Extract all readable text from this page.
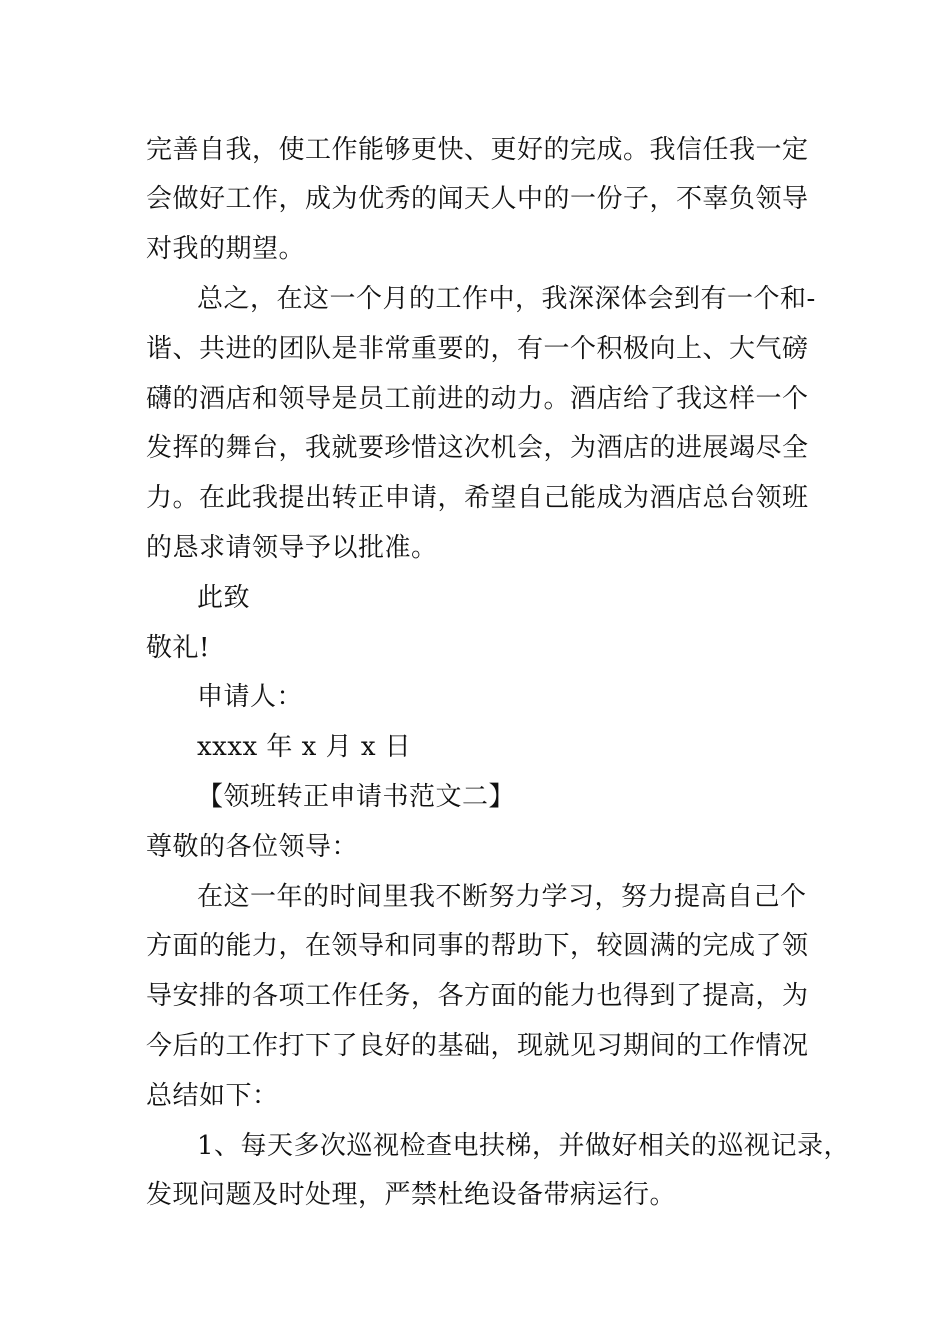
完善自我，使工作能够更快、更好的完成。我信任我一定
会做好工作，成为优秀的闻天人中的一份子，不辜负领导
对我的期望。
总之，在这一个月的工作中，我深深体会到有一个和-
谐、共进的团队是非常重要的，有一个积极向上、大气磅
礴的酒店和领导是员工前进的动力。酒店给了我这样一个
发挥的舞台，我就要珍惜这次机会，为酒店的进展竭尽全
力。在此我提出转正申请，希望自己能成为酒店总台领班
的恳求请领导予以批准。
此致
敬礼!
申请人：
xxxx 年 x 月 x 日
【领班转正申请书范文二】
尊敬的各位领导：
在这一年的时间里我不断努力学习，努力提高自己个
方面的能力，在领导和同事的帮助下，较圆满的完成了领
导安排的各项工作任务，各方面的能力也得到了提高，为
今后的工作打下了良好的基础，现就见习期间的工作情况
总结如下：
1、每天多次巡视检查电扶梯，并做好相关的巡视记录，
发现问题及时处理，严禁杜绝设备带病运行。
